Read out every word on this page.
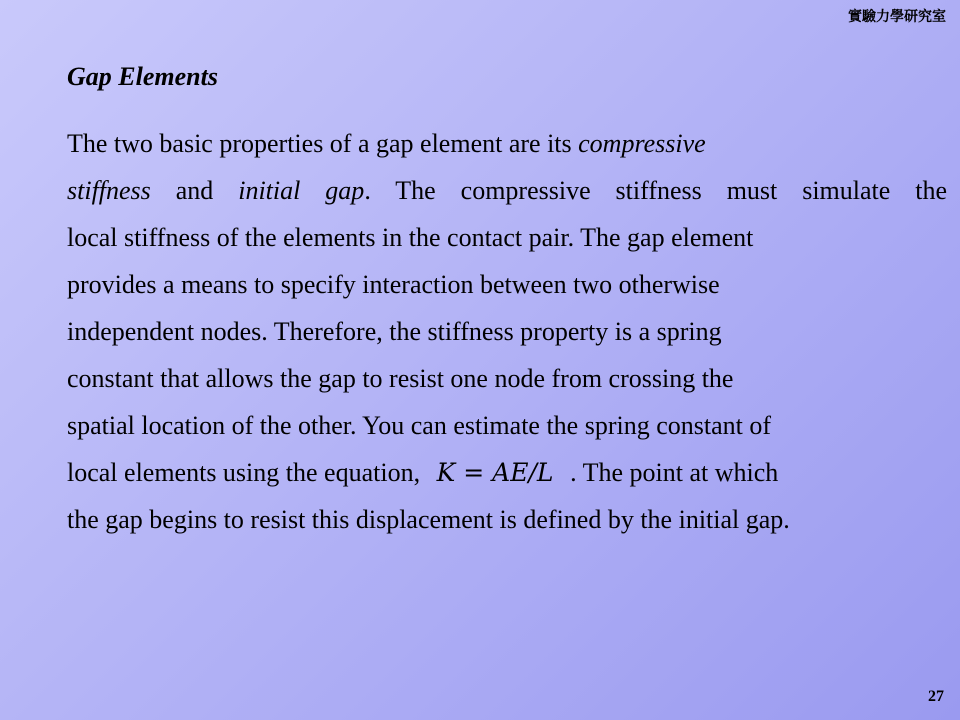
實驗力學研究室
Gap Elements
The two basic properties of a gap element are its compressive
stiffness and initial gap. The compressive stiffness must simulate the
local stiffness of the elements in the contact pair. The gap element
provides a means to specify interaction between two otherwise
independent nodes. Therefore, the stiffness property is a spring
constant that allows the gap to resist one node from crossing the
spatial location of the other. You can estimate the spring constant of
local elements using the equation, K = AE/L . The point at which
the gap begins to resist this displacement is defined by the initial gap.
27
